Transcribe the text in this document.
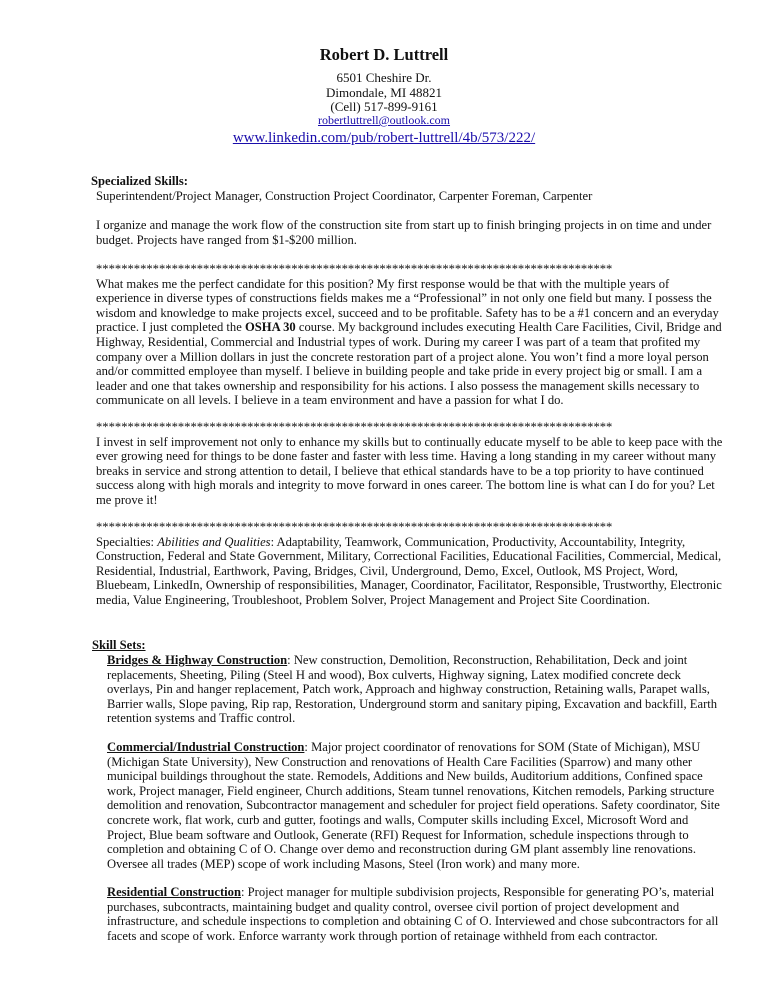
Robert D. Luttrell
6501 Cheshire Dr.
Dimondale, MI 48821
(Cell) 517-899-9161
robertluttrell@outlook.com
www.linkedin.com/pub/robert-luttrell/4b/573/222/
Specialized Skills:
Superintendent/Project Manager, Construction Project Coordinator, Carpenter Foreman, Carpenter
I organize and manage the work flow of the construction site from start up to finish bringing projects in on time and under
budget. Projects have ranged from $1-$200 million.
**********************************************************************************
What makes me the perfect candidate for this position? My first response would be that with the multiple years of
experience in diverse types of constructions fields makes me a “Professional” in not only one field but many. I possess the
wisdom and knowledge to make projects excel, succeed and to be profitable. Safety has to be a #1 concern and an everyday
practice. I just completed the OSHA 30 course. My background includes executing Health Care Facilities, Civil, Bridge and
Highway, Residential, Commercial and Industrial types of work. During my career I was part of a team that profited my
company over a Million dollars in just the concrete restoration part of a project alone. You won’t find a more loyal person
and/or committed employee than myself. I believe in building people and take pride in every project big or small. I am a
leader and one that takes ownership and responsibility for his actions. I also possess the management skills necessary to
communicate on all levels. I believe in a team environment and have a passion for what I do.
**********************************************************************************
I invest in self improvement not only to enhance my skills but to continually educate myself to be able to keep pace with the
ever growing need for things to be done faster and faster with less time. Having a long standing in my career without many
breaks in service and strong attention to detail, I believe that ethical standards have to be a top priority to have continued
success along with high morals and integrity to move forward in ones career. The bottom line is what can I do for you? Let
me prove it!
**********************************************************************************
Specialties: Abilities and Qualities: Adaptability, Teamwork, Communication, Productivity, Accountability, Integrity,
Construction, Federal and State Government, Military, Correctional Facilities, Educational Facilities, Commercial, Medical,
Residential, Industrial, Earthwork, Paving, Bridges, Civil, Underground, Demo, Excel, Outlook, MS Project, Word,
Bluebeam, LinkedIn, Ownership of responsibilities, Manager, Coordinator, Facilitator, Responsible, Trustworthy, Electronic
media, Value Engineering, Troubleshoot, Problem Solver, Project Management and Project Site Coordination.
Skill Sets:
Bridges & Highway Construction: New construction, Demolition, Reconstruction, Rehabilitation, Deck and joint
replacements, Sheeting, Piling (Steel H and wood), Box culverts, Highway signing, Latex modified concrete deck
overlays, Pin and hanger replacement, Patch work, Approach and highway construction, Retaining walls, Parapet walls,
Barrier walls, Slope paving, Rip rap, Restoration, Underground storm and sanitary piping, Excavation and backfill, Earth
retention systems and Traffic control.
Commercial/Industrial Construction: Major project coordinator of renovations for SOM (State of Michigan), MSU
(Michigan State University), New Construction and renovations of Health Care Facilities (Sparrow) and many other
municipal buildings throughout the state. Remodels, Additions and New builds, Auditorium additions, Confined space
work, Project manager, Field engineer, Church additions, Steam tunnel renovations, Kitchen remodels, Parking structure
demolition and renovation, Subcontractor management and scheduler for project field operations. Safety coordinator, Site
concrete work, flat work, curb and gutter, footings and walls, Computer skills including Excel, Microsoft Word and
Project, Blue beam software and Outlook, Generate (RFI) Request for Information, schedule inspections through to
completion and obtaining C of O. Change over demo and reconstruction during GM plant assembly line renovations.
Oversee all trades (MEP) scope of work including Masons, Steel (Iron work) and many more.
Residential Construction: Project manager for multiple subdivision projects, Responsible for generating PO’s, material
purchases, subcontracts, maintaining budget and quality control, oversee civil portion of project development and
infrastructure, and schedule inspections to completion and obtaining C of O. Interviewed and chose subcontractors for all
facets and scope of work. Enforce warranty work through portion of retainage withheld from each contractor.
